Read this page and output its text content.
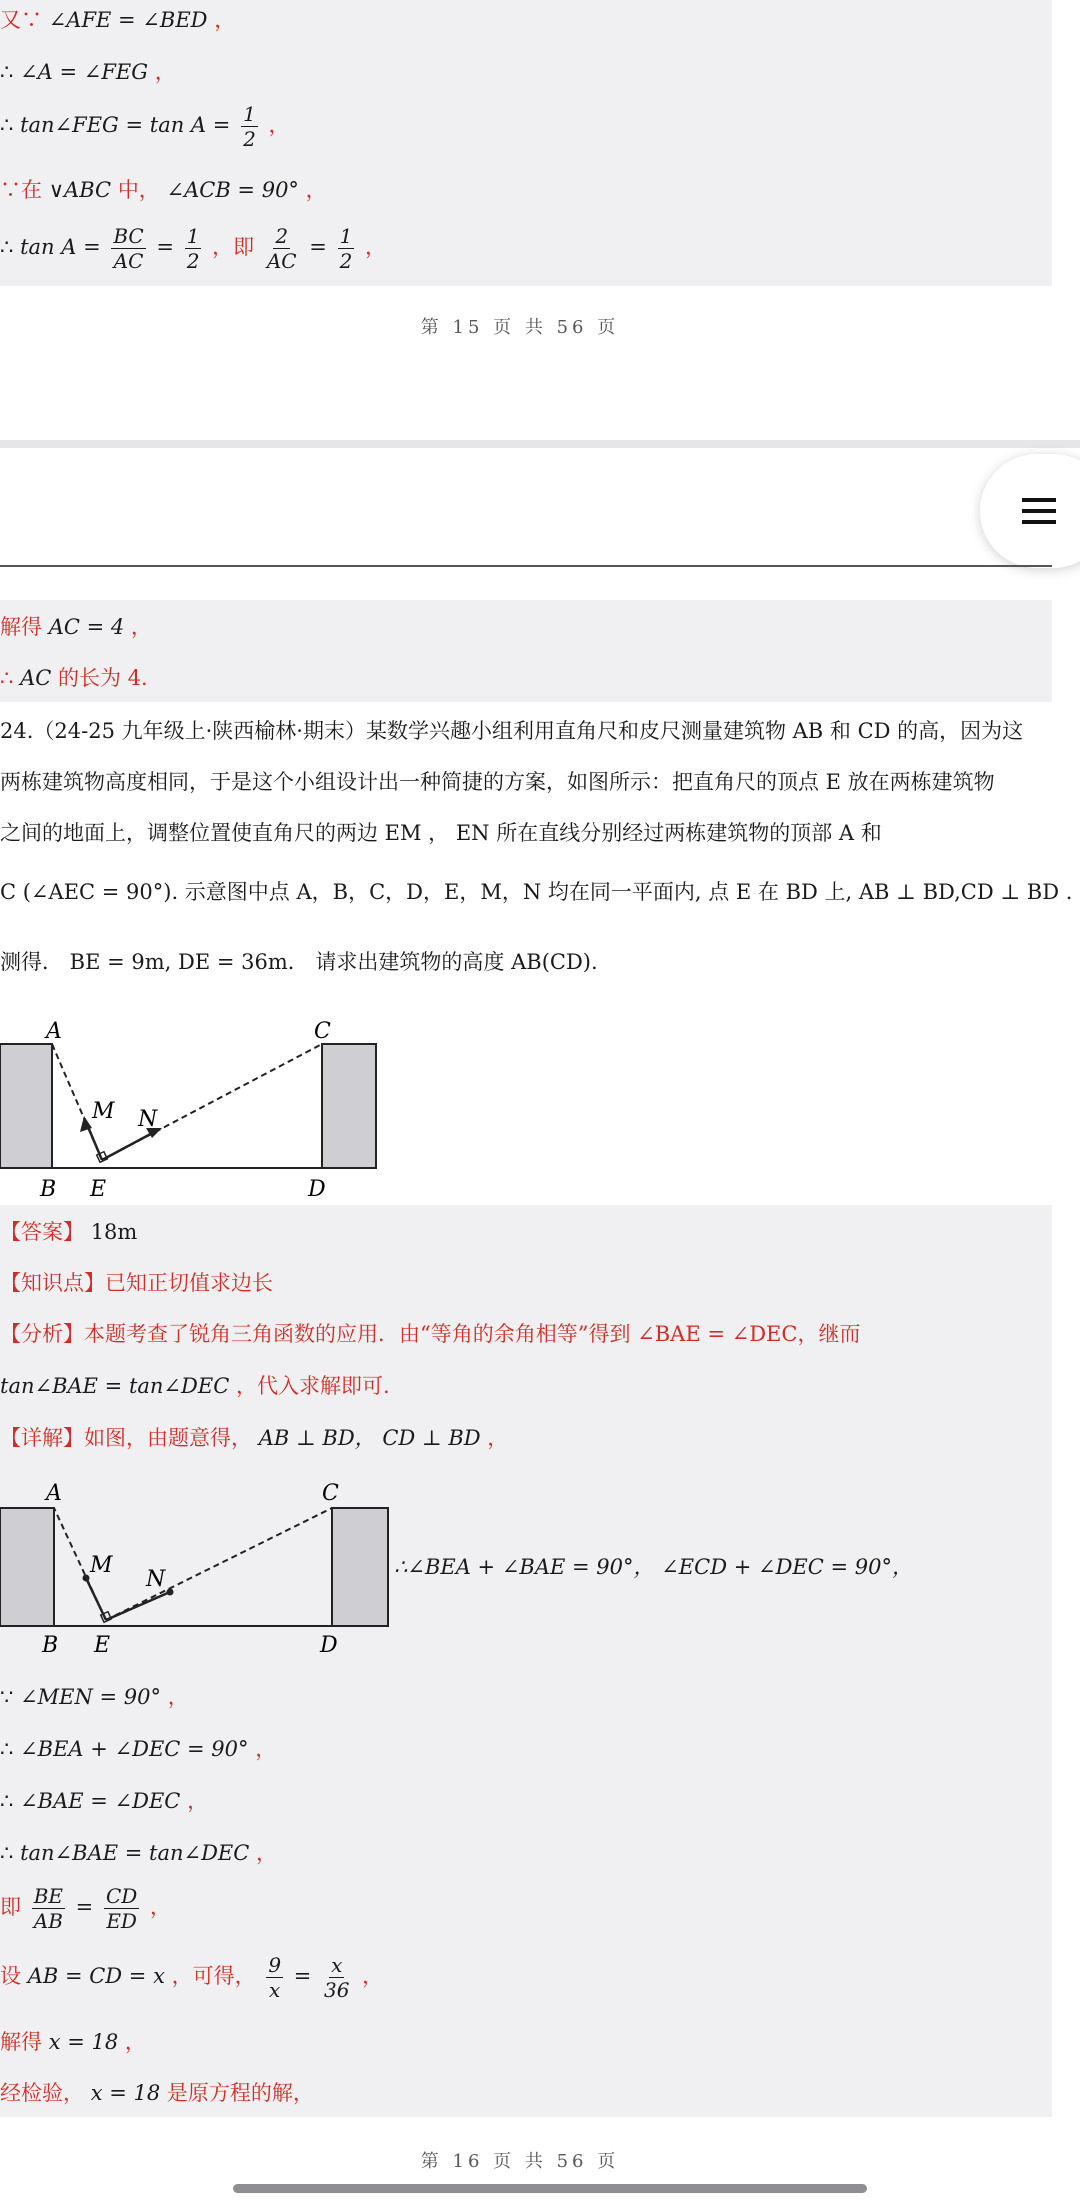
又∵ ∠AFE = ∠BED ，
∴ ∠A = ∠FEG ，
∴ tan∠FEG = $\tan A = \frac{1}{2}$ ，
∵在 ∨ABC 中， ∠ACB = 90° ，
∴ $\tan A = \frac{BC}{AC} = \frac{1}{2}$ ，即 $\frac{2}{AC} = \frac{1}{2}$ ，
第 15 页 共 56 页
解得 AC = 4 ，
∴ AC 的长为 4.
24.（24-25 九年级上·陕西榆林·期末）某数学兴趣小组利用直角尺和皮尺测量建筑物 AB 和 CD 的高，因为这
两栋建筑物高度相同，于是这个小组设计出一种简捷的方案，如图所示：把直角尺的顶点 E 放在两栋建筑物
之间的地面上，调整位置使直角尺的两边 EM ， EN 所在直线分别经过两栋建筑物的顶部 A 和
C (∠AEC = 90°). 示意图中点 A，B，C，D，E，M，N 均在同一平面内, 点 E 在 BD 上, AB ⊥ BD,CD ⊥ BD .
测得． BE = 9m, DE = 36m． 请求出建筑物的高度 AB(CD).
A
B
C
D
E
M N
【答案】 18m
【知识点】已知正切值求边长
【分析】本题考查了锐角三角函数的应用．由“等角的余角相等”得到 ∠BAE = ∠DEC，继而
tan∠BAE = tan∠DEC ，代入求解即可.
【详解】如图，由题意得， AB ⊥ BD， CD ⊥ BD ，
A
B
C
D
E
M
N	∴∠BEA + ∠BAE = 90°， ∠ECD + ∠DEC = 90°，
∵ ∠MEN = 90° ，
∴ ∠BEA + ∠DEC = 90° ，
∴ ∠BAE = ∠DEC ，
∴ tan∠BAE = tan∠DEC ，
即 $\frac{BE}{AB} = \frac{CD}{ED}$ ，
设 AB = CD = x ，可得， $\frac{9}{x} = \frac{x}{36}$ ，
解得 x = 18 ，
经检验， x = 18 是原方程的解，
第 16 页 共 56 页
